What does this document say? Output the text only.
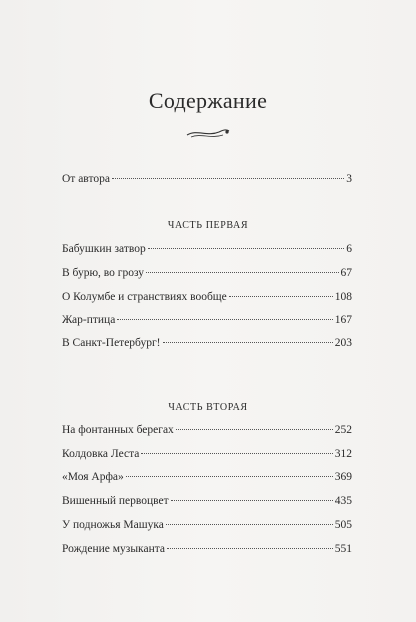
Содержание
От автора	3
ЧАСТЬ ПЕРВАЯ
Бабушкин затвор	6
В бурю, во грозу	67
О Колумбе и странствиях вообще	108
Жар-птица	167
В Санкт-Петербург!	203
ЧАСТЬ ВТОРАЯ
На фонтанных берегах	252
Колдовка Леста	312
«Моя Арфа»	369
Вишенный первоцвет	435
У подножья Машука	505
Рождение музыканта	551
